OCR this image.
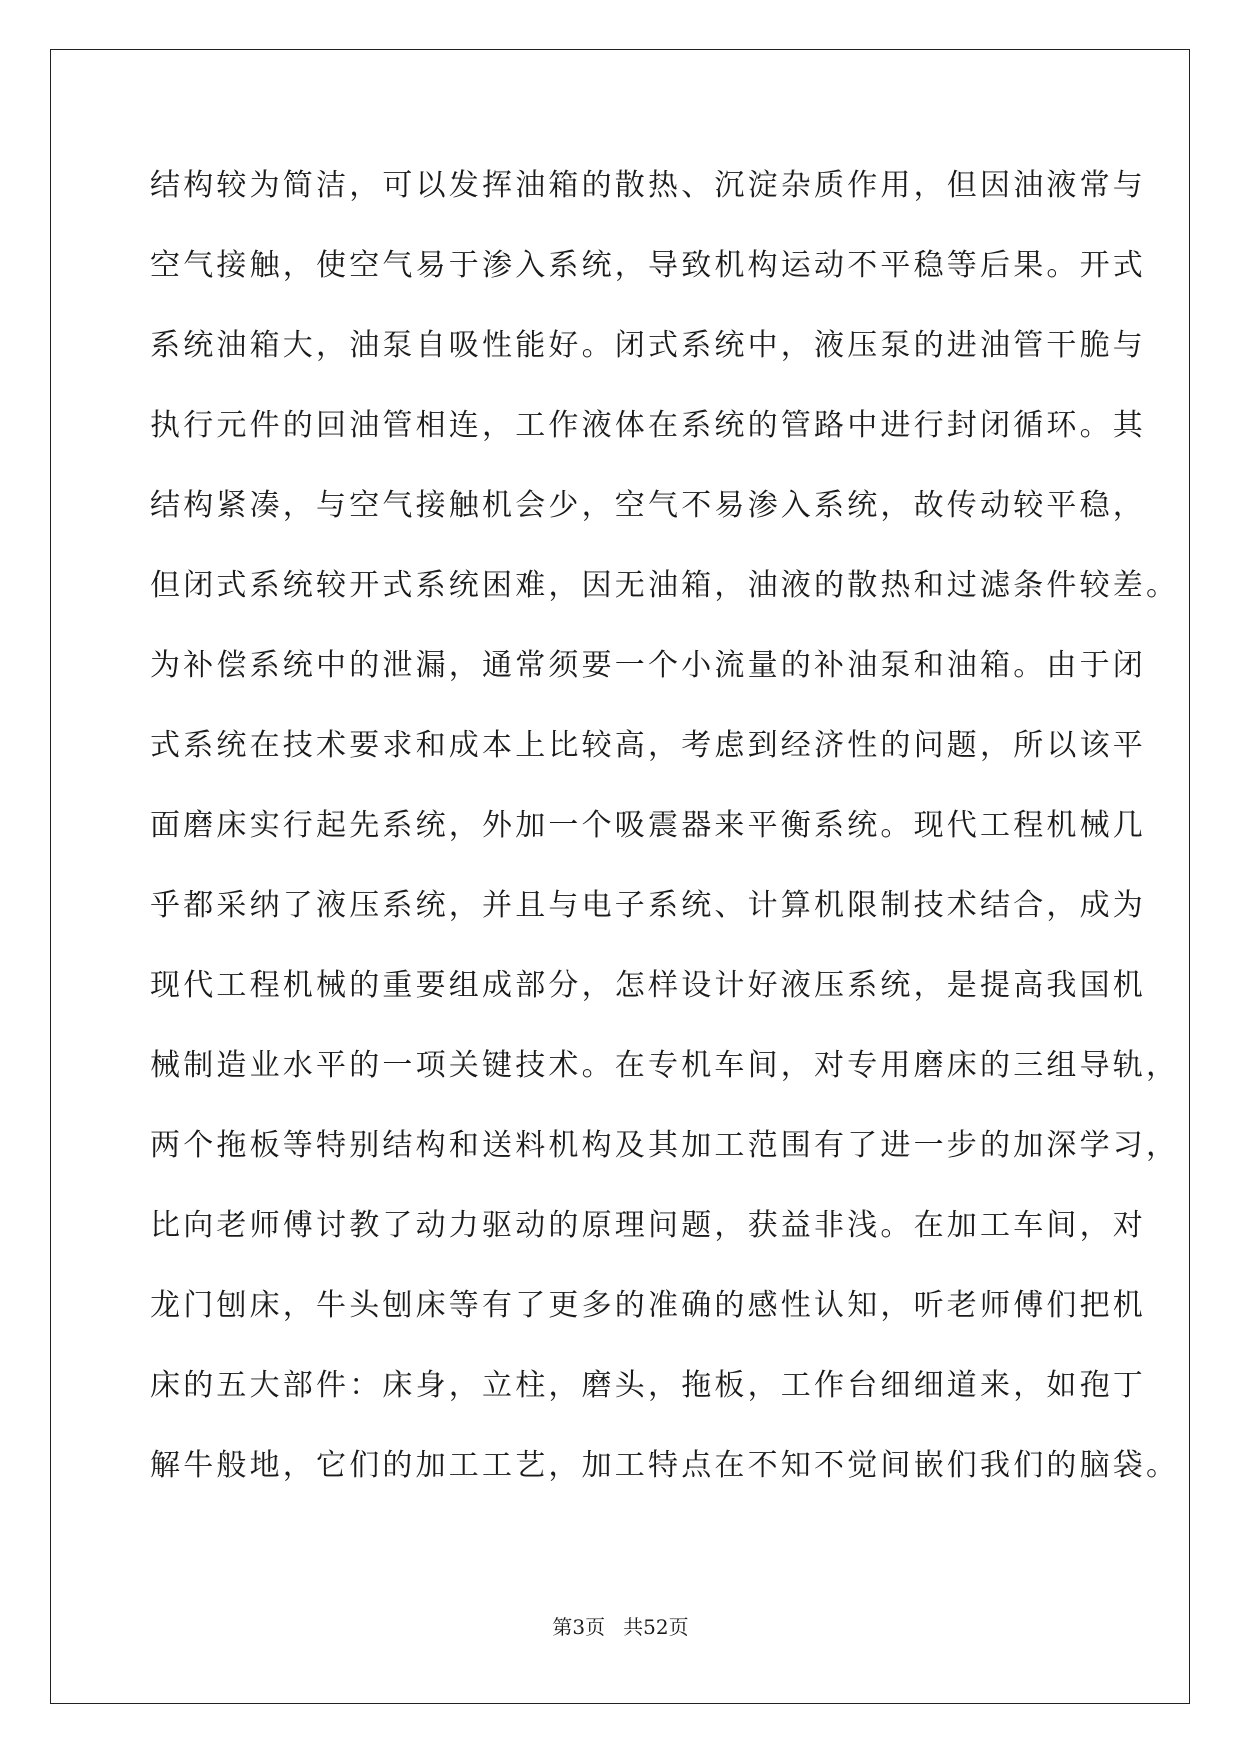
结构较为简洁，可以发挥油箱的散热、沉淀杂质作用，但因油液常与
空气接触，使空气易于渗入系统，导致机构运动不平稳等后果。开式
系统油箱大，油泵自吸性能好。闭式系统中，液压泵的进油管干脆与
执行元件的回油管相连，工作液体在系统的管路中进行封闭循环。其
结构紧凑，与空气接触机会少，空气不易渗入系统，故传动较平稳，
但闭式系统较开式系统困难，因无油箱，油液的散热和过滤条件较差。
为补偿系统中的泄漏，通常须要一个小流量的补油泵和油箱。由于闭
式系统在技术要求和成本上比较高，考虑到经济性的问题，所以该平
面磨床实行起先系统，外加一个吸震器来平衡系统。现代工程机械几
乎都采纳了液压系统，并且与电子系统、计算机限制技术结合，成为
现代工程机械的重要组成部分，怎样设计好液压系统，是提高我国机
械制造业水平的一项关键技术。在专机车间，对专用磨床的三组导轨，
两个拖板等特别结构和送料机构及其加工范围有了进一步的加深学习，
比向老师傅讨教了动力驱动的原理问题，获益非浅。在加工车间，对
龙门刨床，牛头刨床等有了更多的准确的感性认知，听老师傅们把机
床的五大部件：床身，立柱，磨头，拖板，工作台细细道来，如孢丁
解牛般地，它们的加工工艺，加工特点在不知不觉间嵌们我们的脑袋。
第3页 共52页
